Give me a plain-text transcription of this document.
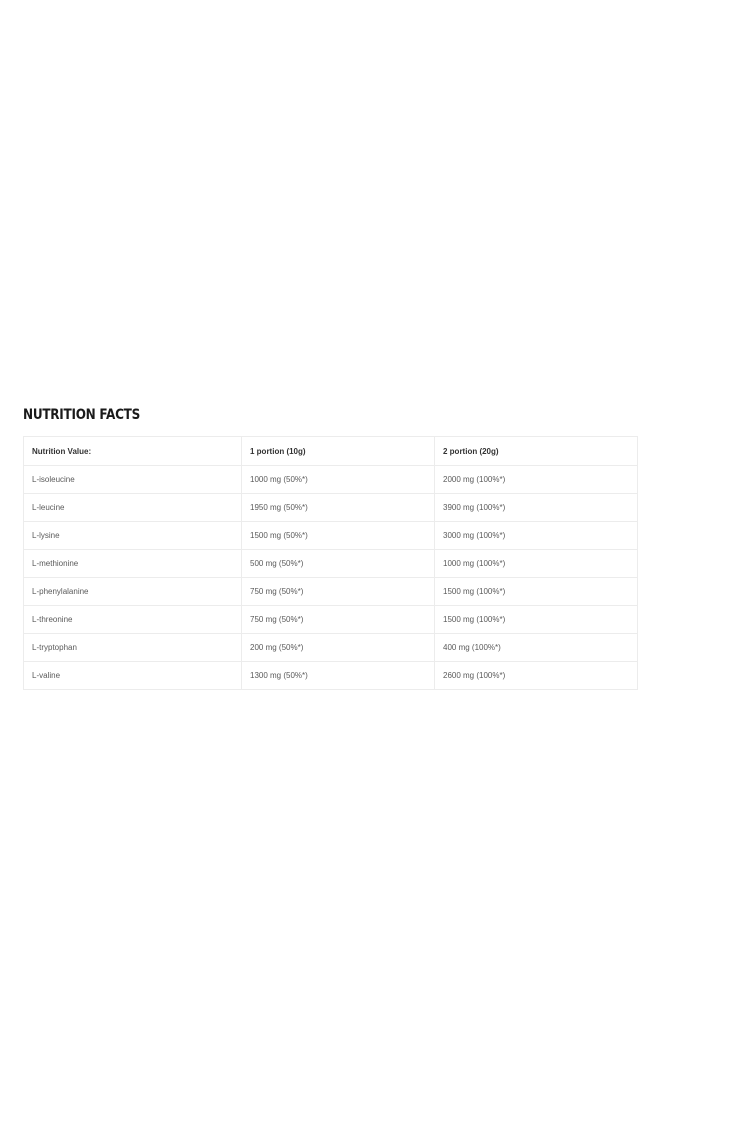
NUTRITION FACTS
Nutrition Value:	1 portion (10g)	2 portion (20g)
L-isoleucine	1000 mg (50%*)	2000 mg (100%*)
L-leucine	1950 mg (50%*)	3900 mg (100%*)
L-lysine	1500 mg (50%*)	3000 mg (100%*)
L-methionine	500 mg (50%*)	1000 mg (100%*)
L-phenylalanine	750 mg (50%*)	1500 mg (100%*)
L-threonine	750 mg (50%*)	1500 mg (100%*)
L-tryptophan	200 mg (50%*)	400 mg (100%*)
L-valine	1300 mg (50%*)	2600 mg (100%*)
